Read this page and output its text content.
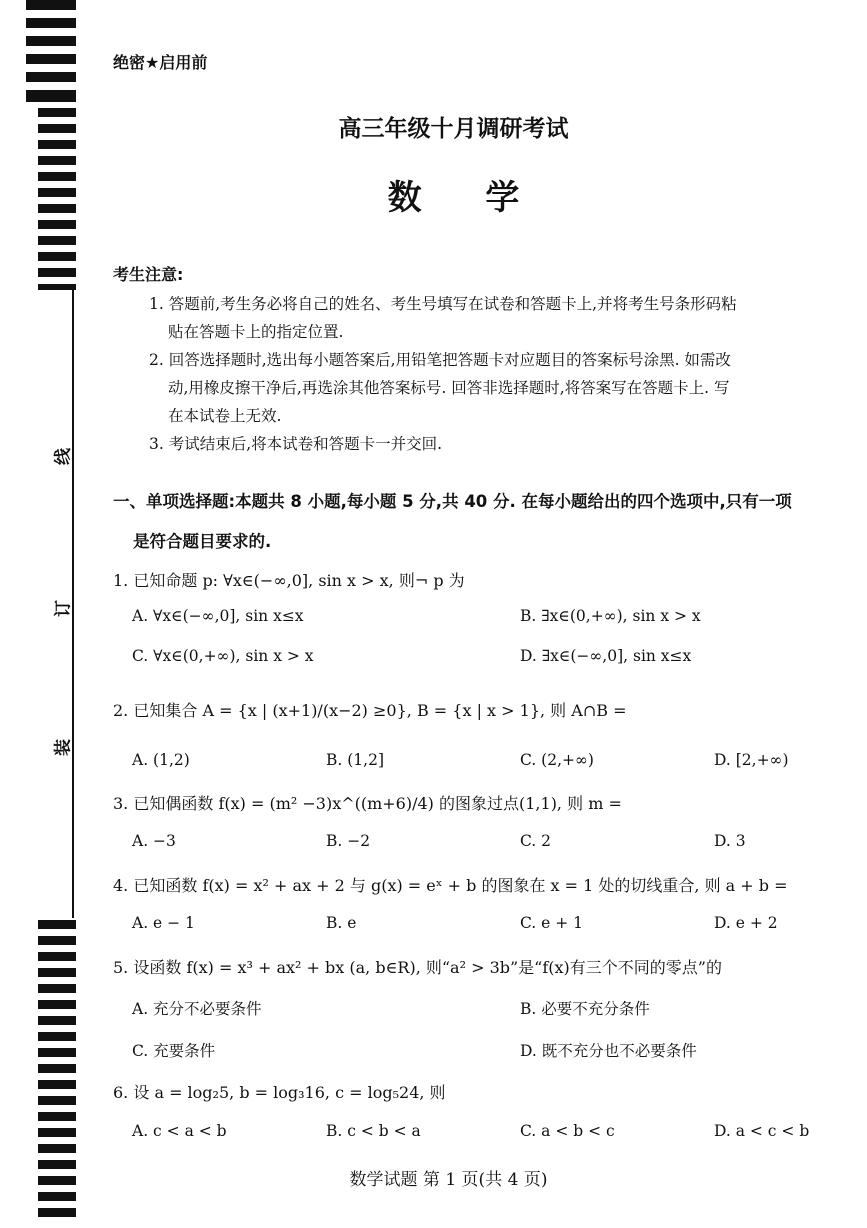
线
订
装
绝密★启用前
高三年级十月调研考试
数 学
考生注意:
1. 答题前,考生务必将自己的姓名、考生号填写在试卷和答题卡上,并将考生号条形码粘
贴在答题卡上的指定位置.
2. 回答选择题时,选出每小题答案后,用铅笔把答题卡对应题目的答案标号涂黑. 如需改
动,用橡皮擦干净后,再选涂其他答案标号. 回答非选择题时,将答案写在答题卡上. 写
在本试卷上无效.
3. 考试结束后,将本试卷和答题卡一并交回.
一、单项选择题:本题共 8 小题,每小题 5 分,共 40 分. 在每小题给出的四个选项中,只有一项
是符合题目要求的.
1. 已知命题 p: ∀x∈(−∞,0], sin x > x, 则¬ p 为
A. ∀x∈(−∞,0], sin x≤x	B. ∃x∈(0,+∞), sin x > x
C. ∀x∈(0,+∞), sin x > x	D. ∃x∈(−∞,0], sin x≤x
2. 已知集合 A = {x | (x+1)/(x−2) ≥0}, B = {x | x > 1}, 则 A∩B =
A. (1,2)	B. (1,2]	C. (2,+∞)	D. [2,+∞)
3. 已知偶函数 f(x) = (m² −3)x^((m+6)/4) 的图象过点(1,1), 则 m =
A. −3	B. −2	C. 2	D. 3
4. 已知函数 f(x) = x² + ax + 2 与 g(x) = eˣ + b 的图象在 x = 1 处的切线重合, 则 a + b =
A. e − 1	B. e	C. e + 1	D. e + 2
5. 设函数 f(x) = x³ + ax² + bx (a, b∈R), 则“a² > 3b”是“f(x)有三个不同的零点”的
A. 充分不必要条件	B. 必要不充分条件
C. 充要条件	D. 既不充分也不必要条件
6. 设 a = log₂5, b = log₃16, c = log₅24, 则
A. c < a < b	B. c < b < a	C. a < b < c	D. a < c < b
数学试题 第 1 页(共 4 页)
